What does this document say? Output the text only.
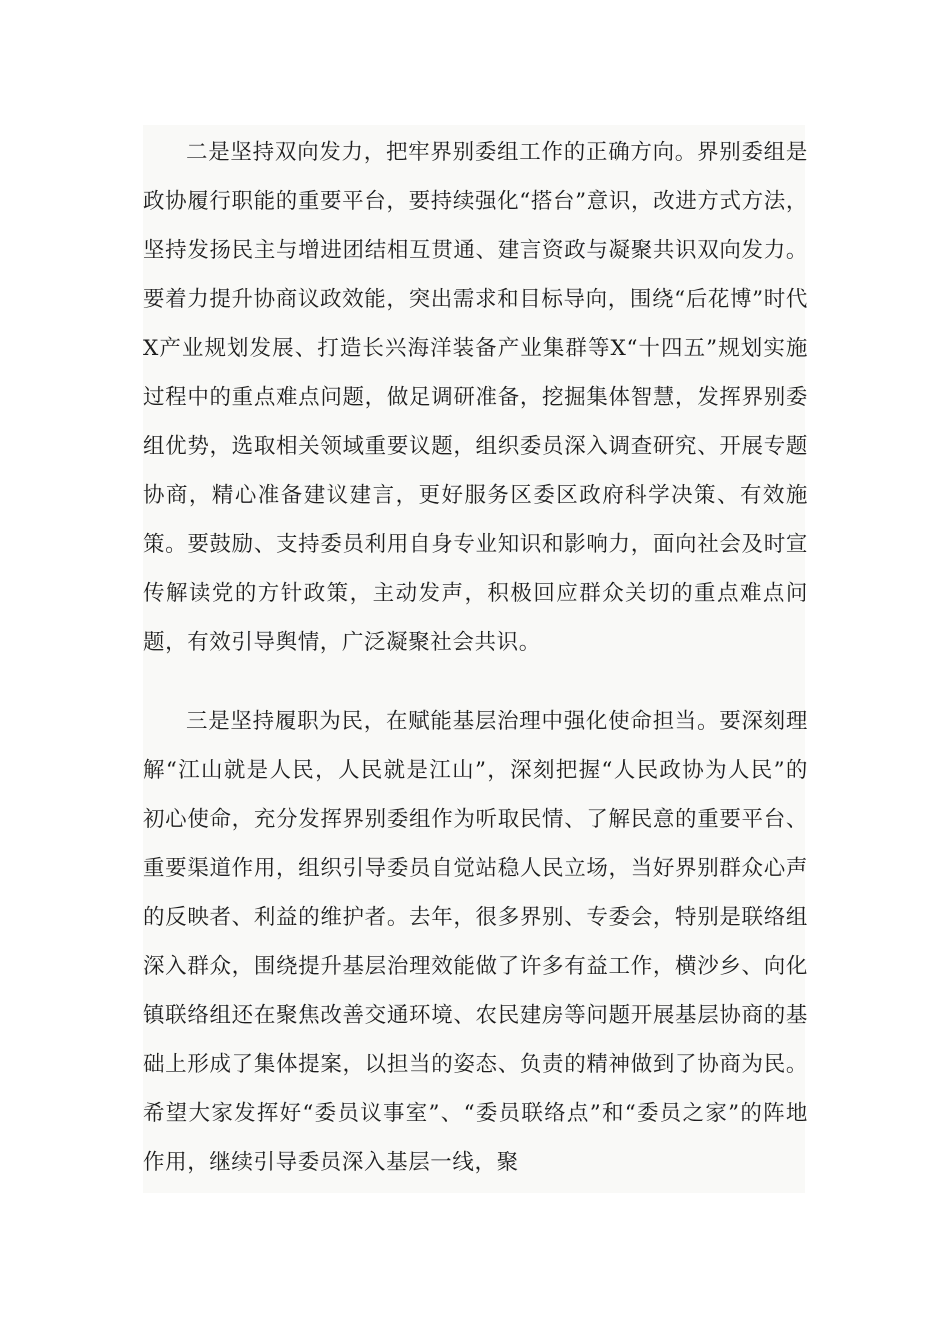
二是坚持双向发力，把牢界别委组工作的正确方向。界别委组是政协履行职能的重要平台，要持续强化“搭台”意识，改进方式方法，坚持发扬民主与增进团结相互贯通、建言资政与凝聚共识双向发力。要着力提升协商议政效能，突出需求和目标导向，围绕“后花博”时代X产业规划发展、打造长兴海洋装备产业集群等X“十四五”规划实施过程中的重点难点问题，做足调研准备，挖掘集体智慧，发挥界别委组优势，选取相关领域重要议题，组织委员深入调查研究、开展专题协商，精心准备建议建言，更好服务区委区政府科学决策、有效施策。要鼓励、支持委员利用自身专业知识和影响力，面向社会及时宣传解读党的方针政策，主动发声，积极回应群众关切的重点难点问题，有效引导舆情，广泛凝聚社会共识。

三是坚持履职为民，在赋能基层治理中强化使命担当。要深刻理解“江山就是人民，人民就是江山”，深刻把握“人民政协为人民”的初心使命，充分发挥界别委组作为听取民情、了解民意的重要平台、重要渠道作用，组织引导委员自觉站稳人民立场，当好界别群众心声的反映者、利益的维护者。去年，很多界别、专委会，特别是联络组深入群众，围绕提升基层治理效能做了许多有益工作，横沙乡、向化镇联络组还在聚焦改善交通环境、农民建房等问题开展基层协商的基础上形成了集体提案，以担当的姿态、负责的精神做到了协商为民。希望大家发挥好“委员议事室”、“委员联络点”和“委员之家”的阵地作用，继续引导委员深入基层一线，聚
